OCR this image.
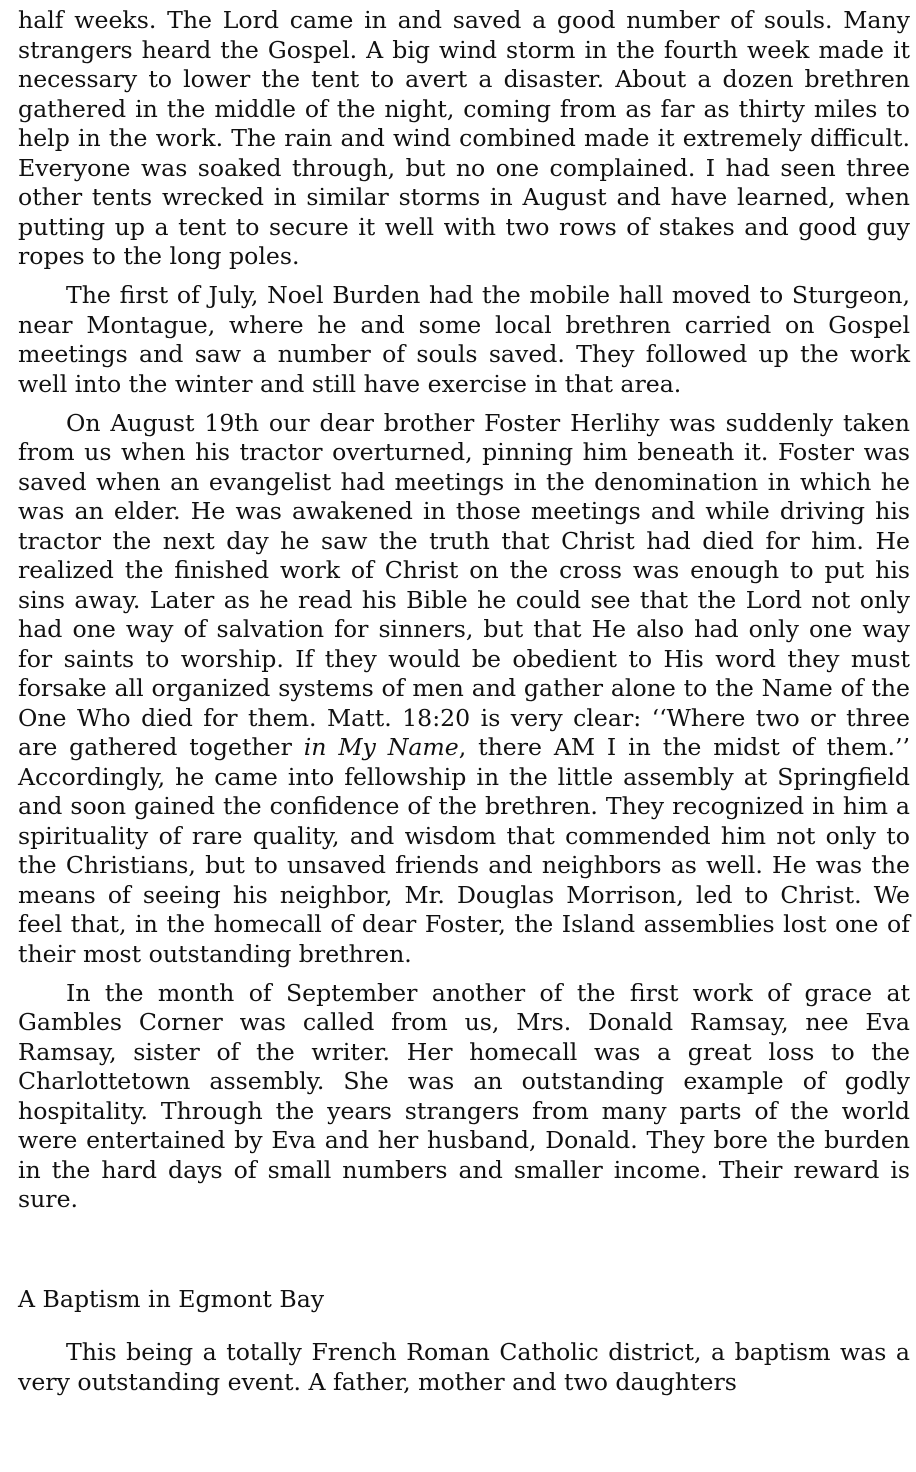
half weeks. The Lord came in and saved a good number of souls. Many strangers heard the Gospel. A big wind storm in the fourth week made it necessary to lower the tent to avert a disaster. About a dozen brethren gathered in the middle of the night, coming from as far as thirty miles to help in the work. The rain and wind combined made it extremely difficult. Everyone was soaked through, but no one complained. I had seen three other tents wrecked in similar storms in August and have learned, when putting up a tent to secure it well with two rows of stakes and good guy ropes to the long poles.

The first of July, Noel Burden had the mobile hall moved to Sturgeon, near Montague, where he and some local brethren carried on Gospel meetings and saw a number of souls saved. They followed up the work well into the winter and still have exercise in that area.

On August 19th our dear brother Foster Herlihy was suddenly taken from us when his tractor overturned, pinning him beneath it. Foster was saved when an evangelist had meetings in the denomination in which he was an elder. He was awakened in those meetings and while driving his tractor the next day he saw the truth that Christ had died for him. He realized the finished work of Christ on the cross was enough to put his sins away. Later as he read his Bible he could see that the Lord not only had one way of salvation for sinners, but that He also had only one way for saints to worship. If they would be obedient to His word they must forsake all organized systems of men and gather alone to the Name of the One Who died for them. Matt. 18:20 is very clear: ‘‘Where two or three are gathered together in My Name, there AM I in the midst of them.’’ Accordingly, he came into fellowship in the little assembly at Springfield and soon gained the confidence of the brethren. They recognized in him a spirituality of rare quality, and wisdom that commended him not only to the Christians, but to unsaved friends and neighbors as well. He was the means of seeing his neighbor, Mr. Douglas Morrison, led to Christ. We feel that, in the homecall of dear Foster, the Island assemblies lost one of their most outstanding brethren.

In the month of September another of the first work of grace at Gambles Corner was called from us, Mrs. Donald Ramsay, nee Eva Ramsay, sister of the writer. Her homecall was a great loss to the Charlottetown assembly. She was an outstanding example of godly hospitality. Through the years strangers from many parts of the world were entertained by Eva and her husband, Donald. They bore the burden in the hard days of small numbers and smaller income. Their reward is sure.

A Baptism in Egmont Bay

This being a totally French Roman Catholic district, a baptism was a very outstanding event. A father, mother and two daughters
